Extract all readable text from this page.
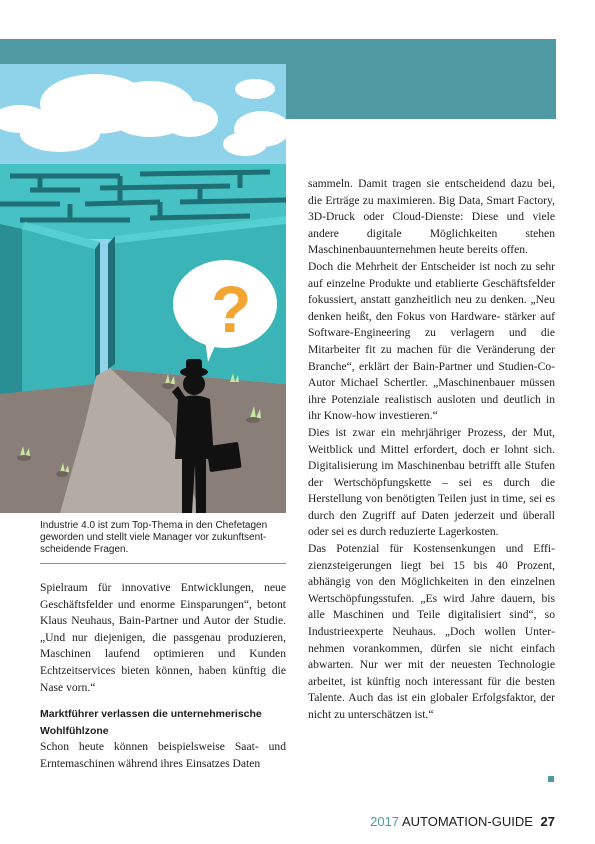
?

Industrie 4.0 ist zum Top-Thema in den Chefetagen geworden und stellt viele Manager vor zukunftsentscheidende Fragen.

Spielraum für innovative Entwicklungen, neue Geschäftsfelder und enorme Einsparungen“, betont Klaus Neuhaus, Bain-Partner und Autor der Studie. „Und nur diejenigen, die passgenau produzieren, Maschinen laufend optimieren und Kunden Echtzeitservices bieten können, haben künftig die Nase vorn.“

Marktführer verlassen die unternehmerische Wohlfühlzone

Schon heute können beispielsweise Saat- und Erntemaschinen während ihres Einsatzes Daten

sammeln. Damit tragen sie entscheidend dazu bei, die Erträge zu maximieren. Big Data, Smart Factory, 3D-Druck oder Cloud-Dienste: Diese und viele andere digitale Möglichkeiten stehen Maschinenbauunternehmen heute bereits offen.

Doch die Mehrheit der Entscheider ist noch zu sehr auf einzelne Produkte und etablierte Geschäftsfelder fokussiert, anstatt ganzheitlich neu zu denken. „Neu denken heißt, den Fokus von Hardware- stärker auf Software-Engineering zu verlagern und die Mitarbeiter fit zu machen für die Veränderung der Branche“, erklärt der Bain-Partner und Studien-Co-Autor Michael Schertler. „Maschinenbauer müssen ihre Potenziale realistisch ausloten und deutlich in ihr Know-how investieren.“

Dies ist zwar ein mehrjähriger Prozess, der Mut, Weitblick und Mittel erfordert, doch er lohnt sich. Digitalisierung im Maschinenbau betrifft alle Stufen der Wertschöpfungskette – sei es durch die Herstellung von benötigten Teilen just in time, sei es durch den Zugriff auf Daten jederzeit und überall oder sei es durch reduzierte Lagerkosten.

Das Potenzial für Kostensenkungen und Effizienzsteigerungen liegt bei 15 bis 40 Prozent, abhängig von den Möglichkeiten in den einzelnen Wertschöpfungsstufen. „Es wird Jahre dauern, bis alle Maschinen und Teile digitalisiert sind“, so Industrieexperte Neuhaus. „Doch wollen Unternehmen vorankommen, dürfen sie nicht einfach abwarten. Nur wer mit der neuesten Technologie arbeitet, ist künftig noch interessant für die besten Talente. Auch das ist ein globaler Erfolgsfaktor, der nicht zu unterschätzen ist.“

2017 AUTOMATION-GUIDE 27
